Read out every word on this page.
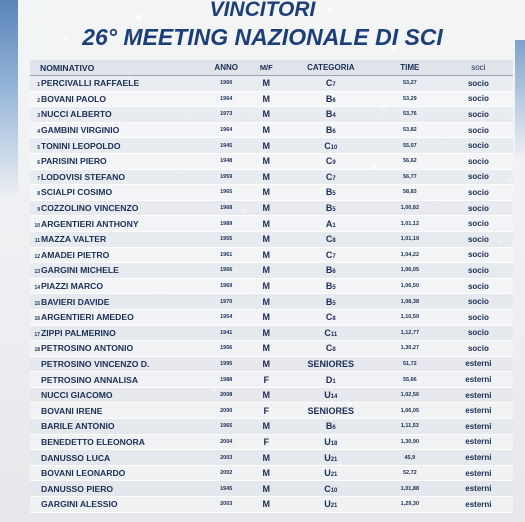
VINCITORI
26° MEETING NAZIONALE DI SCI
NOMINATIVO	ANNO	M/F	CATEGORIA	TIME	soci
1PERCIVALLI RAFFAELE	1960	M	C7	53,27	socio
2BOVANI PAOLO	1964	M	B6	53,29	socio
3NUCCI ALBERTO	1973	M	B4	53,76	socio
4GAMBINI VIRGINIO	1964	M	B6	53,82	socio
5TONINI LEOPOLDO	1945	M	C10	55,07	socio
6PARISINI PIERO	1948	M	C9	56,62	socio
7LODOVISI STEFANO	1959	M	C7	56,77	socio
8SCIALPI COSIMO	1965	M	B5	58,83	socio
9COZZOLINO VINCENZO	1968	M	B5	1,00,82	socio
10ARGENTIERI ANTHONY	1989	M	A1	1,01,12	socio
11MAZZA VALTER	1955	M	C8	1,01,19	socio
12AMADEI PIETRO	1961	M	C7	1,04,22	socio
13GARGINI MICHELE	1966	M	B6	1,06,05	socio
14PIAZZI MARCO	1969	M	B5	1,06,50	socio
15BAVIERI DAVIDE	1970	M	B5	1,08,38	socio
16ARGENTIERI AMEDEO	1954	M	C8	1,10,59	socio
17ZIPPI PALMERINO	1941	M	C11	1,12,77	socio
18PETROSINO ANTONIO	1956	M	C8	1,30,27	socio
PETROSINO VINCENZO D.	1995	M	SENIORES	51,72	esterni
PETROSINO ANNALISA	1988	F	D1	55,66	esterni
NUCCI GIACOMO	2008	M	U14	1,02,56	esterni
BOVANI IRENE	2000	F	SENIORES	1,06,05	esterni
BARILE ANTONIO	1965	M	B6	1,11,53	esterni
BENEDETTO ELEONORA	2004	F	U18	1,30,90	esterni
DANUSSO LUCA	2003	M	U21	45,9	esterni
BOVANI LEONARDO	2002	M	U21	52,72	esterni
DANUSSO PIERO	1945	M	C10	1,01,88	esterni
GARGINI ALESSIO	2003	M	U21	1,29,30	esterni
